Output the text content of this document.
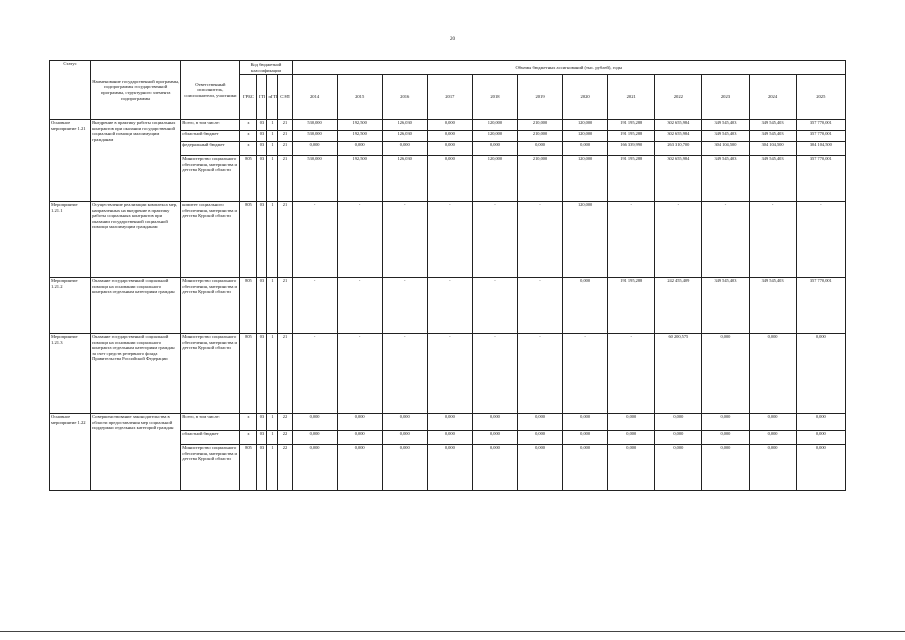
20
Статус	Наименование государственной программы, подпрограммы государственной программы, структурного элемента подпрограммы	Ответственный исполнитель, соисполнители, участники	Код бюджетной классификации				Объемы бюджетных ассигнований (тыс. рублей), годы											
			ГРБС	ГП	пГП	СЭП	2014	2015	2016	2017	2018	2019	2020	2021	2022	2023	2024	2025
Основное мероприятие 1.21	Внедрение в практику работы социальных контрактов при оказании государственной социальной помощи малоимущим гражданам	Всего, в том числе:	х	03	1	21	530,000	192,500	126,030	0,000	120,000	210,000	120,000	191 195,288	302 655,984	349 545,403	349 545,403	357 770,001
		областной бюджет	х	03	1	21	530,000	192,500	126,030	0,000	120,000	210,000	120,000	191 195,288	302 655,984	349 545,403	349 545,403	357 770,001
		федеральный бюджет	х	03	1	21	0,000	0,000	0,000	0,000	0,000	0,000	0,000	166 339,990	263 310,700	304 104,500	304 104,500	304 104,500
		Министерство социального обеспечения, материнства и детства Курской области	805	03	1	21	530,000	192,500	126,030	0,000	120,000	210,000	120,000	191 195,288	302 655,984	349 545,403	349 545,403	357 770,001
Мероприятие 1.21.1	Осуществление реализации комплекса мер, направленных на внедрение в практику работы социальных контрактов при оказании государственной социальной помощи малоимущим гражданам	комитет социального обеспечения, материнства и детства Курской области	805	03	1	21	-	-	-	-	-	-	120,000	-	-	-	-	-
Мероприятие 1.21.2	Оказание государственной социальной помощи на основании социального контракта отдельным категориям граждан	Министерство социального обеспечения, материнства и детства Курской области	805	03	1	21	-	-	-	-	-	-	0,000	191 195,288	242 455,409	349 545,403	349 545,403	357 770,001
Мероприятие 1.21.3	Оказание государственной социальной помощи на основании социального контракта отдельным категориям граждан за счет средств резервного фонда Правительства Российской Федерации	Министерство социального обеспечения, материнства и детства Курской области	805	03	1	21	-	-	-	-	-	-	-	-	60 200,575	0,000	0,000	0,000
Основное мероприятие 1.22	Совершенствование законодательства в области предоставления мер социальной поддержки отдельных категорий граждан	Всего, в том числе:	х	03	1	22	0,000	0,000	0,000	0,000	0,000	0,000	0,000	0,000	0,000	0,000	0,000	0,000
		областной бюджет	х	03	1	22	0,000	0,000	0,000	0,000	0,000	0,000	0,000	0,000	0,000	0,000	0,000	0,000
		Министерство социального обеспечения, материнства и детства Курской области	805	03	1	22	0,000	0,000	0,000	0,000	0,000	0,000	0,000	0,000	0,000	0,000	0,000	0,000
